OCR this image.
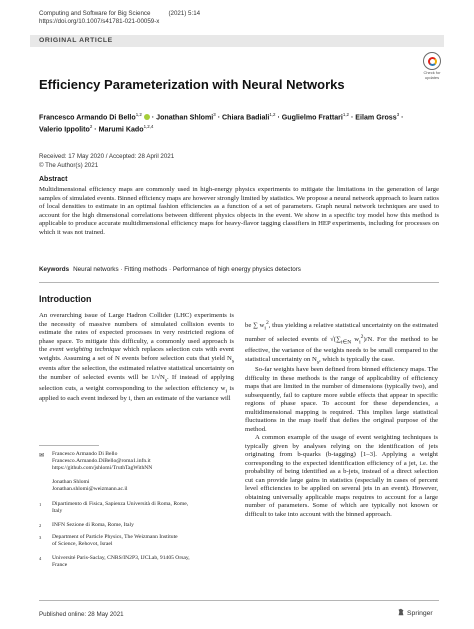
Computing and Software for Big Science	(2021) 5:14
https://doi.org/10.1007/s41781-021-00059-x
ORIGINAL ARTICLE
Check for updates
Efficiency Parameterization with Neural Networks
Francesco Armando Di Bello$^{1,2}$  · Jonathan Shlomi$^3$ · Chiara Badiali$^{1,2}$ · Guglielmo Frattari$^{1,2}$ · Eilam Gross$^3$ ·
Valerio Ippolito$^2$ · Marumi Kado$^{1,2,4}$
Received: 17 May 2020 / Accepted: 28 April 2021
© The Author(s) 2021
Abstract
Multidimensional efficiency maps are commonly used in high-energy physics experiments to mitigate the limitations in the generation of large samples of simulated events. Binned efficiency maps are however strongly limited by statistics. We propose a neural network approach to learn ratios of local densities to estimate in an optimal fashion efficiencies as a function of a set of parameters. Graph neural network techniques are used to account for the high dimensional correlations between different physics objects in the event. We show in a specific toy model how this method is applicable to produce accurate multidimensional efficiency maps for heavy-flavor tagging classifiers in HEP experiments, including for processes on which it was not trained.
Keywords Neural networks · Fitting methods · Performance of high energy physics detectors
Introduction

An overarching issue of Large Hadron Collider (LHC) experiments is the necessity of massive numbers of simulated collision events to estimate the rates of expected processes in very restricted regions of phase space. To mitigate this difficulty, a commonly used approach is the event weighting technique which replaces selection cuts with event weights. Assuming a set of N events before selection cuts that yield $N_s$ events after the selection, the estimated relative statistical uncertainty on the number of selected events will be $1/√N_s$. If instead of applying selection cuts, a weight corresponding to the selection efficiency $w_i$ is applied to each event indexed by i, then an estimate of the variance will

be ∑ $w_i^2$, thus yielding a relative statistical uncertainty on the estimated number of selected events of $√(\sum_{i\in N}$ $w_i^2)/N$. For the method to be effective, the variance of the weights needs to be small compared to the statistical uncertainty on $N_s$, which is typically the case.

So-far weights have been defined from binned efficiency maps. The difficulty in these methods is the range of applicability of efficiency maps that are limited in the number of dimensions (typically two), and subsequently, fail to capture more subtle effects that appear in specific regions of phase space. To account for these dependencies, a multidimensional mapping is required. This implies large statistical fluctuations in the map itself that defies the original purpose of the method.

A common example of the usage of event weighting techniques is typically given by analyses relying on the identification of jets originating from b-quarks (b-tagging) [1–3]. Applying a weight corresponding to the expected identification efficiency of a jet, i.e. the probability of being identified as a b-jets, instead of a direct selection cut can provide large gains in statistics (especially in cases of percent level efficiencies to be applied on several jets in an event). However, obtaining universally applicable maps requires to account for a large number of parameters. Some of which are typically not known or difficult to take into account with the binned approach.

✉ Francesco Armando Di Bello
Francesco.Armando.DiBello@roma1.infn.it
https://github.com/jshlomi/TruthTagWithNN
Jonathan Shlomi
Jonathan.shlomi@weizmann.ac.il
1 Dipartimento di Fisica, Sapienza Università di Roma, Rome,
Italy
2 INFN Sezione di Roma, Rome, Italy
3 Department of Particle Physics, The Weizmann Institute
of Science, Rehovot, Israel
4 Université Paris-Saclay, CNRS/IN2P3, IJCLab, 91405 Orsay,
France
Published online: 28 May 2021	Springer
